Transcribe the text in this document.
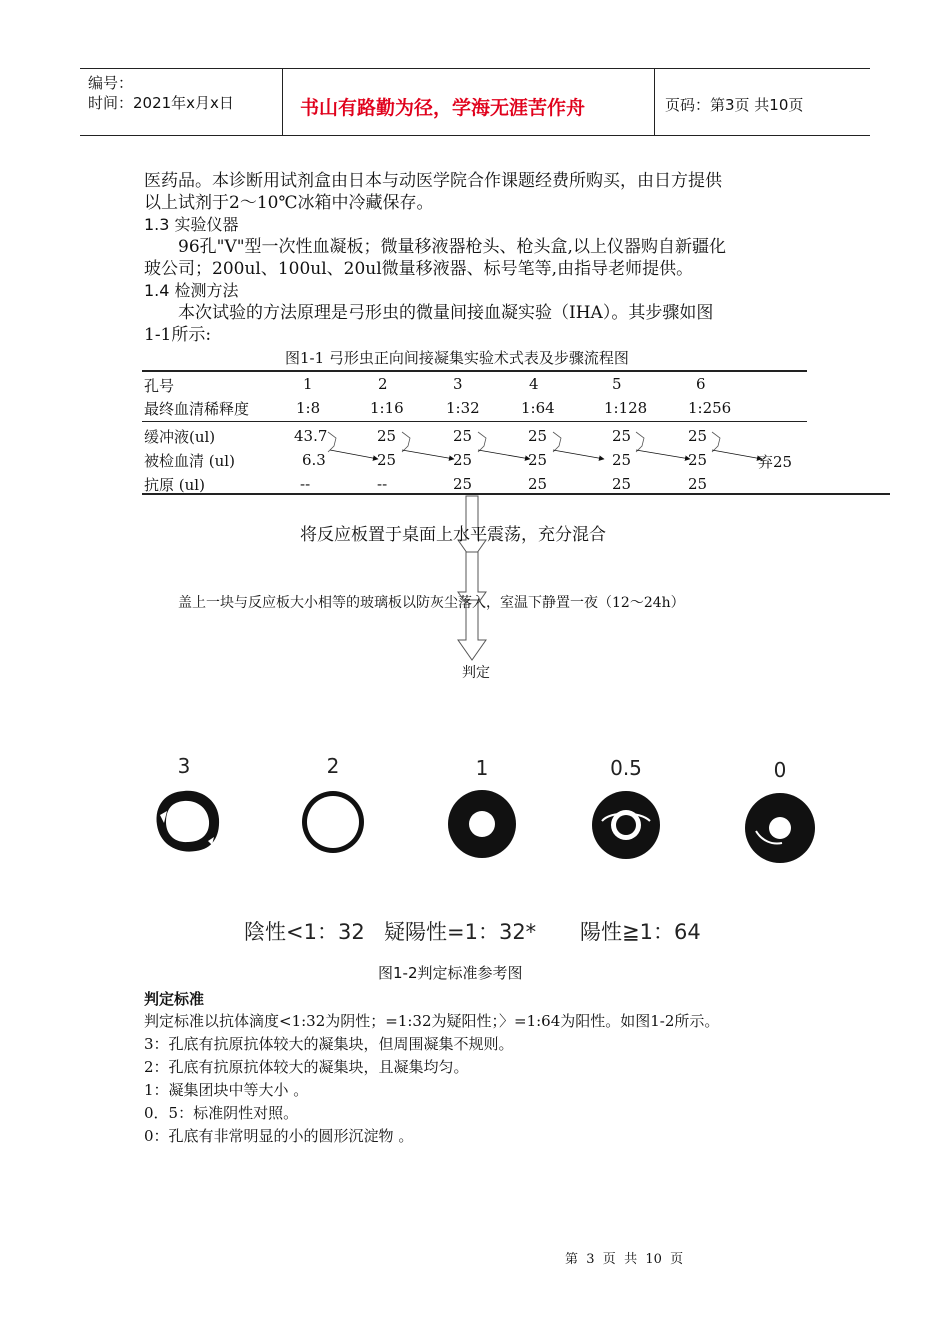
编号：
时间：2021年x月x日	书山有路勤为径，学海无涯苦作舟	页码：第3页 共10页
医药品。本诊断用试剂盒由日本与动医学院合作课题经费所购买，由日方提供
以上试剂于2～10℃冰箱中冷藏保存。
1.3 实验仪器
96孔"V"型一次性血凝板；微量移液器枪头、枪头盒,以上仪器购自新疆化
玻公司；200ul、100ul、20ul微量移液器、标号笔等,由指导老师提供。
1.4 检测方法
本次试验的方法原理是弓形虫的微量间接血凝实验（IHA）。其步骤如图
1-1所示:
图1-1 弓形虫正向间接凝集实验术式表及步骤流程图
孔号	1	2	3	4	5	6
最终血清稀释度	1:8	1:16	1:32	1:64	1:128	1:256
缓冲液(ul)	43.7	25	25	25	25	25
被检血清 (ul)	6.3	25	25	25	25	25	弃25
抗原 (ul)	--	--	25	25	25	25
将反应板置于桌面上水平震荡，充分混合
盖上一块与反应板大小相等的玻璃板以防灰尘落入，室温下静置一夜（12～24h）
判定
3	2	1	0.5	0
陰性<1：32 疑陽性=1：32* 陽性≧1：64
图1-2判定标准参考图
判定标准
判定标准以抗体滴度<1:32为阴性；=1:32为疑阳性；〉=1:64为阳性。如图1-2所示。
3：孔底有抗原抗体较大的凝集块，但周围凝集不规则。
2：孔底有抗原抗体较大的凝集块，且凝集均匀。
1：凝集团块中等大小 。
0．5：标准阴性对照。
0：孔底有非常明显的小的圆形沉淀物 。
第  3  页  共  10  页
